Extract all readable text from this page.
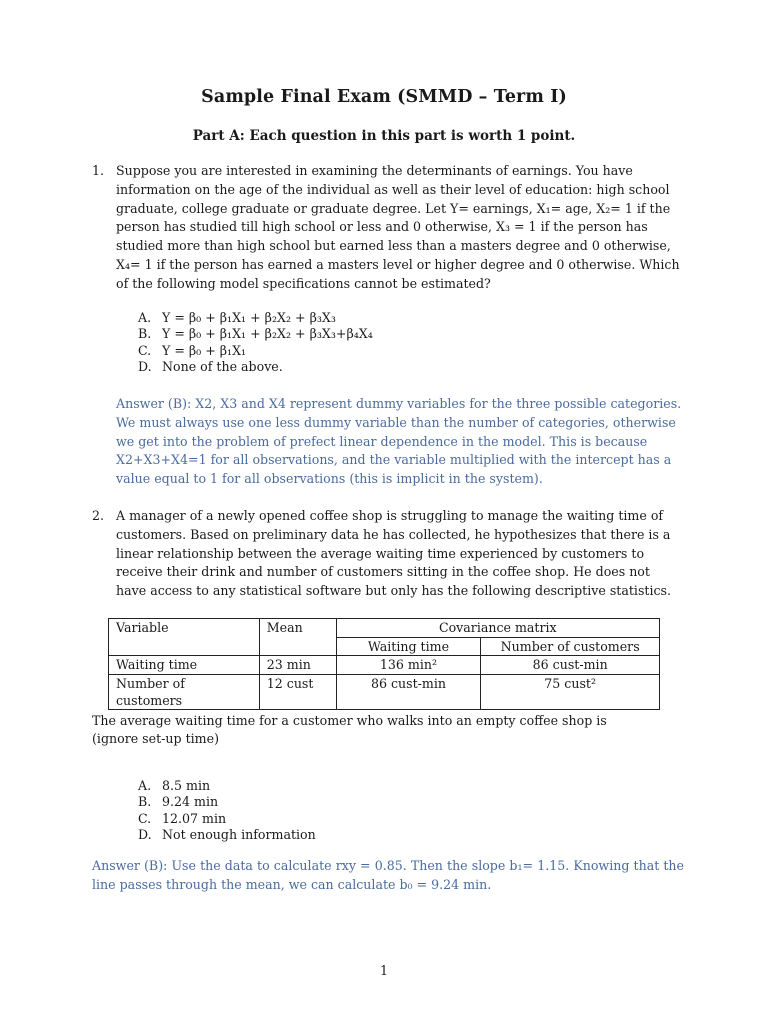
Sample Final Exam (SMMD – Term I)
Part A: Each question in this part is worth 1 point.
1. Suppose you are interested in examining the determinants of earnings. You have information on the age of the individual as well as their level of education: high school graduate, college graduate or graduate degree. Let Y= earnings, X₁= age, X₂= 1 if the person has studied till high school or less and 0 otherwise, X₃ = 1 if the person has studied more than high school but earned less than a masters degree and 0 otherwise, X₄= 1 if the person has earned a masters level or higher degree and 0 otherwise. Which of the following model specifications cannot be estimated?
A. Y = β₀ + β₁X₁ + β₂X₂ + β₃X₃
B. Y = β₀ + β₁X₁ + β₂X₂ + β₃X₃+β₄X₄
C. Y = β₀ + β₁X₁
D. None of the above.
Answer (B): X2, X3 and X4 represent dummy variables for the three possible categories. We must always use one less dummy variable than the number of categories, otherwise we get into the problem of prefect linear dependence in the model. This is because X2+X3+X4=1 for all observations, and the variable multiplied with the intercept has a value equal to 1 for all observations (this is implicit in the system).
2. A manager of a newly opened coffee shop is struggling to manage the waiting time of customers. Based on preliminary data he has collected, he hypothesizes that there is a linear relationship between the average waiting time experienced by customers to receive their drink and number of customers sitting in the coffee shop. He does not have access to any statistical software but only has the following descriptive statistics.
Variable	Mean	Covariance matrix	
		Waiting time	Number of customers
Waiting time	23 min	136 min²	86 cust-min
Number of customers	12 cust	86 cust-min	75 cust²
The average waiting time for a customer who walks into an empty coffee shop is
(ignore set-up time)
A. 8.5 min
B. 9.24 min
C. 12.07 min
D. Not enough information
Answer (B): Use the data to calculate rxy = 0.85. Then the slope b₁= 1.15. Knowing that the line passes through the mean, we can calculate b₀ = 9.24 min.
1
